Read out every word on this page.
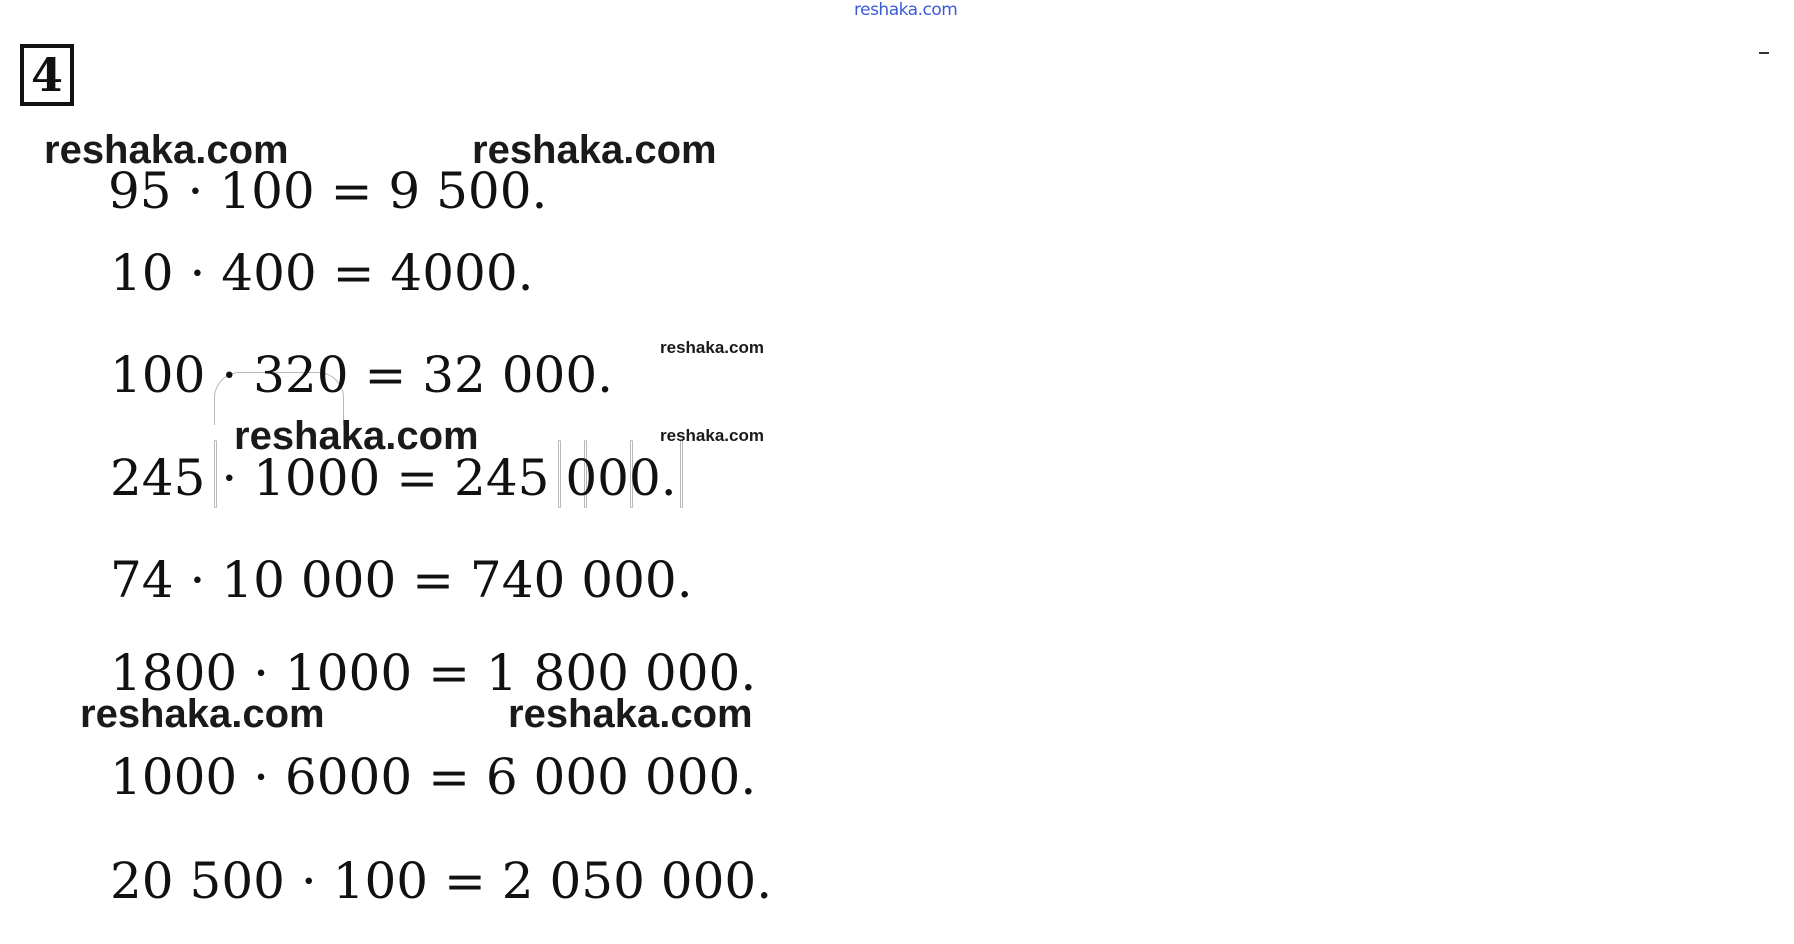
reshaka.com
4
95 · 100 = 9 500.
10 · 400 = 4000.
100 · 320 = 32 000.
245 · 1000 = 245 000.
74 · 10 000 = 740 000.
1800 · 1000 = 1 800 000.
1000 · 6000 = 6 000 000.
20 500 · 100 = 2 050 000.
reshaka.com	reshaka.com
reshaka.com
reshaka.com	reshaka.com
reshaka.com	reshaka.com
